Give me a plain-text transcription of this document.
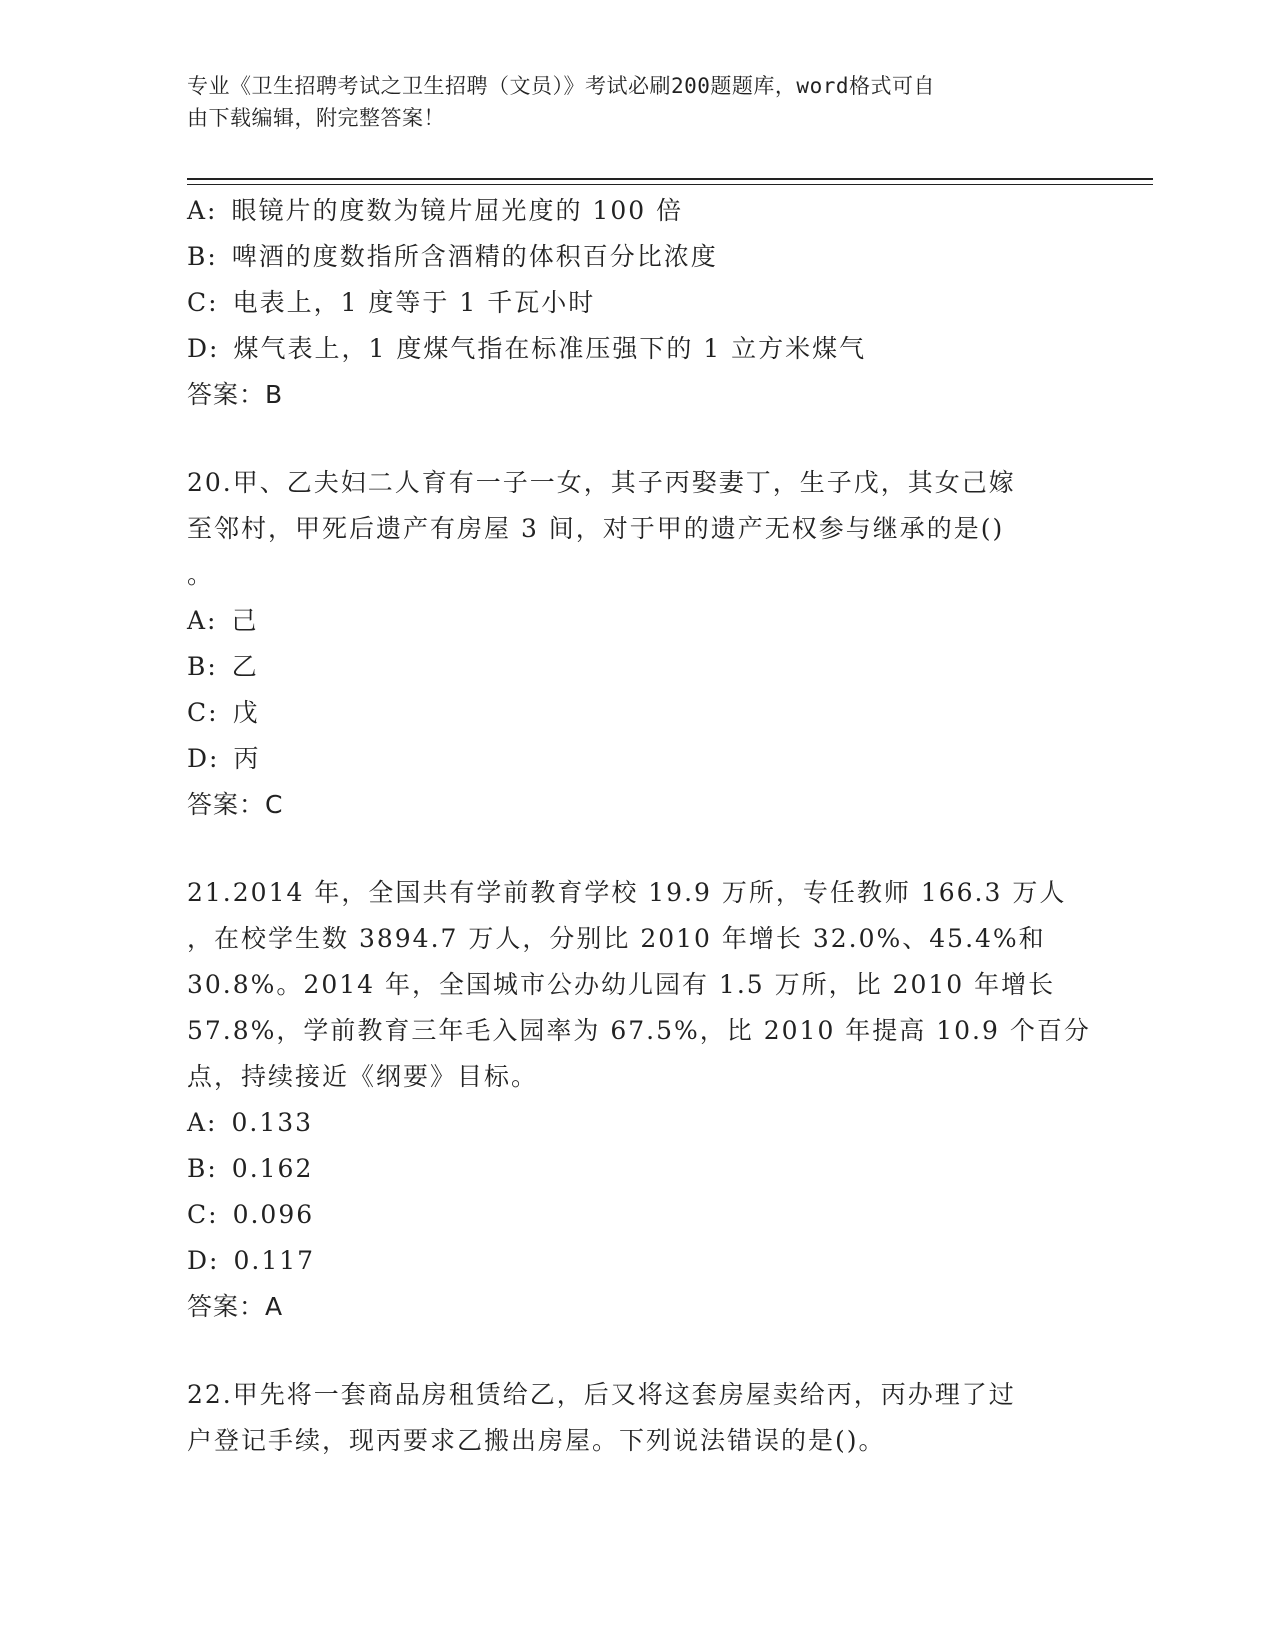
专业《卫生招聘考试之卫生招聘（文员）》考试必刷200题题库，word格式可自
由下载编辑，附完整答案！
A: 眼镜片的度数为镜片屈光度的 100 倍
B: 啤酒的度数指所含酒精的体积百分比浓度
C: 电表上，1 度等于 1 千瓦小时
D: 煤气表上，1 度煤气指在标准压强下的 1 立方米煤气
答案：B
20.甲、乙夫妇二人育有一子一女，其子丙娶妻丁，生子戊，其女己嫁
至邻村，甲死后遗产有房屋 3 间，对于甲的遗产无权参与继承的是()
。
A: 己
B: 乙
C: 戊
D: 丙
答案：C
21.2014 年，全国共有学前教育学校 19.9 万所，专任教师 166.3 万人
，在校学生数 3894.7 万人，分别比 2010 年增长 32.0%、45.4%和
30.8%。2014 年，全国城市公办幼儿园有 1.5 万所，比 2010 年增长
57.8%，学前教育三年毛入园率为 67.5%，比 2010 年提高 10.9 个百分
点，持续接近《纲要》目标。
A: 0.133
B: 0.162
C: 0.096
D: 0.117
答案：A
22.甲先将一套商品房租赁给乙，后又将这套房屋卖给丙，丙办理了过
户登记手续，现丙要求乙搬出房屋。下列说法错误的是()。
